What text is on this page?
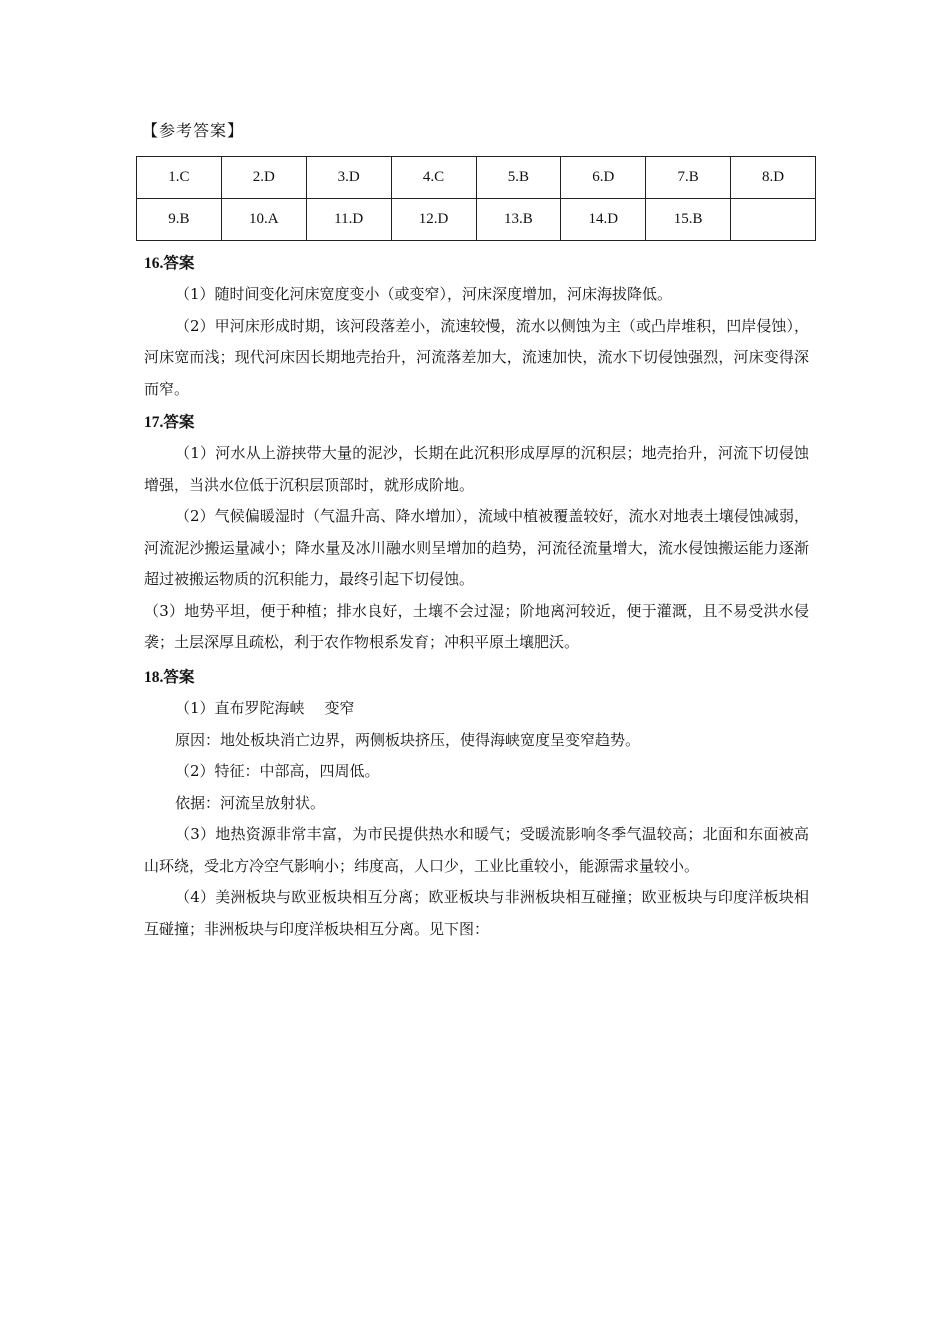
【参考答案】
1.C	2.D	3.D	4.C	5.B	6.D	7.B	8.D
9.B	10.A	11.D	12.D	13.B	14.D	15.B	
16.答案
（1）随时间变化河床宽度变小（或变窄），河床深度增加，河床海拔降低。
（2）甲河床形成时期，该河段落差小，流速较慢，流水以侧蚀为主（或凸岸堆积，凹岸侵蚀），河床宽而浅；现代河床因长期地壳抬升，河流落差加大，流速加快，流水下切侵蚀强烈，河床变得深而窄。
17.答案
（1）河水从上游挟带大量的泥沙，长期在此沉积形成厚厚的沉积层；地壳抬升，河流下切侵蚀增强，当洪水位低于沉积层顶部时，就形成阶地。
（2）气候偏暖湿时（气温升高、降水增加），流域中植被覆盖较好，流水对地表土壤侵蚀减弱，河流泥沙搬运量减小；降水量及冰川融水则呈增加的趋势，河流径流量增大，流水侵蚀搬运能力逐渐超过被搬运物质的沉积能力，最终引起下切侵蚀。
（3）地势平坦，便于种植；排水良好，土壤不会过湿；阶地离河较近，便于灌溉，且不易受洪水侵袭；土层深厚且疏松，利于农作物根系发育；冲积平原土壤肥沃。
18.答案
（1）直布罗陀海峡 变窄
原因：地处板块消亡边界，两侧板块挤压，使得海峡宽度呈变窄趋势。
（2）特征：中部高，四周低。
依据：河流呈放射状。
（3）地热资源非常丰富，为市民提供热水和暖气；受暖流影响冬季气温较高；北面和东面被高山环绕，受北方冷空气影响小；纬度高，人口少，工业比重较小，能源需求量较小。
（4）美洲板块与欧亚板块相互分离；欧亚板块与非洲板块相互碰撞；欧亚板块与印度洋板块相互碰撞；非洲板块与印度洋板块相互分离。见下图：
